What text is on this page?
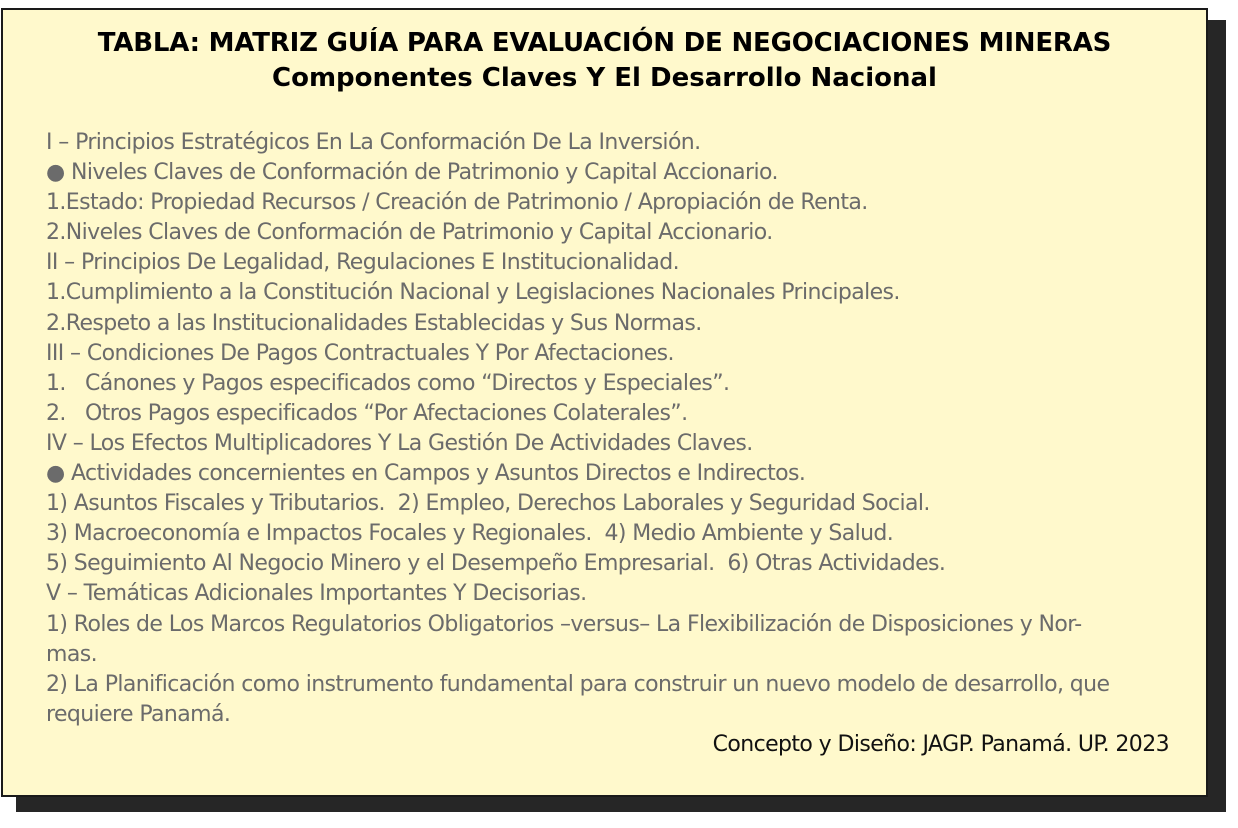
TABLA: MATRIZ GUÍA PARA EVALUACIÓN DE NEGOCIACIONES MINERAS
Componentes Claves Y El Desarrollo Nacional
I – Principios Estratégicos En La Conformación De La Inversión.
● Niveles Claves de Conformación de Patrimonio y Capital Accionario.
1.Estado: Propiedad Recursos / Creación de Patrimonio / Apropiación de Renta.
2.Niveles Claves de Conformación de Patrimonio y Capital Accionario.
II – Principios De Legalidad, Regulaciones E Institucionalidad.
1.Cumplimiento a la Constitución Nacional y Legislaciones Nacionales Principales.
2.Respeto a las Institucionalidades Establecidas y Sus Normas.
III – Condiciones De Pagos Contractuales Y Por Afectaciones.
1.   Cánones y Pagos especificados como “Directos y Especiales”.
2.   Otros Pagos especificados “Por Afectaciones Colaterales”.
IV – Los Efectos Multiplicadores Y La Gestión De Actividades Claves.
● Actividades concernientes en Campos y Asuntos Directos e Indirectos.
1) Asuntos Fiscales y Tributarios.  2) Empleo, Derechos Laborales y Seguridad Social.
3) Macroeconomía e Impactos Focales y Regionales.  4) Medio Ambiente y Salud.
5) Seguimiento Al Negocio Minero y el Desempeño Empresarial.  6) Otras Actividades.
V – Temáticas Adicionales Importantes Y Decisorias.
1) Roles de Los Marcos Regulatorios Obligatorios –versus– La Flexibilización de Disposiciones y Nor-
mas.
2) La Planificación como instrumento fundamental para construir un nuevo modelo de desarrollo, que
requiere Panamá.
Concepto y Diseño: JAGP. Panamá. UP. 2023
